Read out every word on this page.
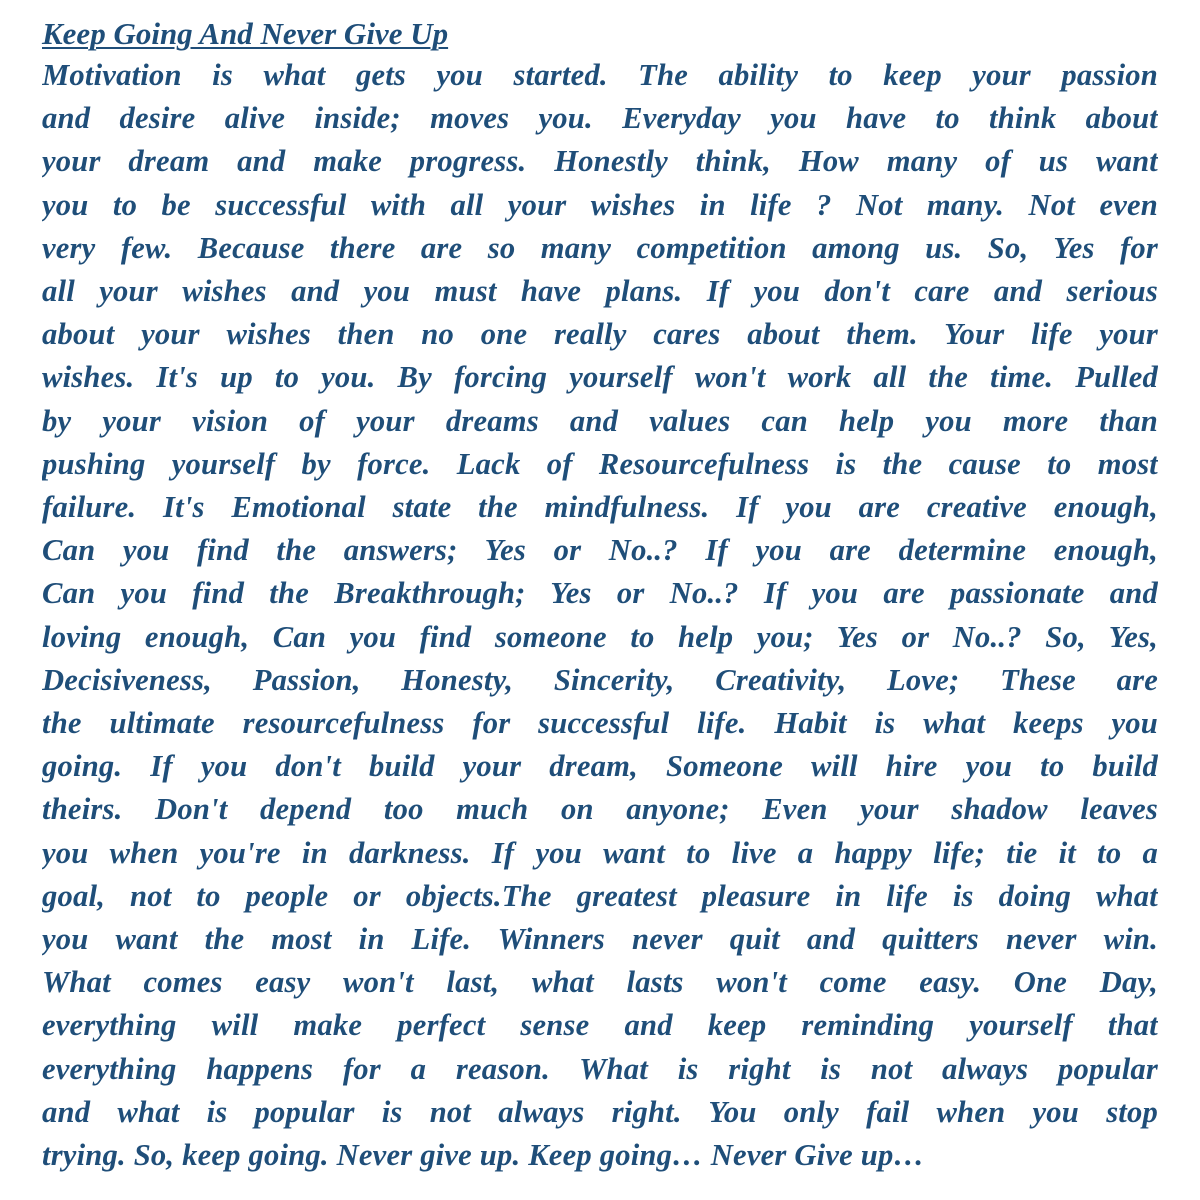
Keep Going And Never Give Up
Motivation is what gets you started. The ability to keep your passion
and desire alive inside; moves you. Everyday you have to think about
your dream and make progress. Honestly think, How many of us want
you to be successful with all your wishes in life ? Not many. Not even
very few. Because there are so many competition among us. So, Yes for
all your wishes and you must have plans. If you don't care and serious
about your wishes then no one really cares about them. Your life your
wishes. It's up to you. By forcing yourself won't work all the time. Pulled
by your vision of your dreams and values can help you more than
pushing yourself by force. Lack of Resourcefulness is the cause to most
failure. It's Emotional state the mindfulness. If you are creative enough,
Can you find the answers; Yes or No..? If you are determine enough,
Can you find the Breakthrough; Yes or No..? If you are passionate and
loving enough, Can you find someone to help you; Yes or No..? So, Yes,
Decisiveness, Passion, Honesty, Sincerity, Creativity, Love; These are
the ultimate resourcefulness for successful life. Habit is what keeps you
going. If you don't build your dream, Someone will hire you to build
theirs. Don't depend too much on anyone; Even your shadow leaves
you when you're in darkness. If you want to live a happy life; tie it to a
goal, not to people or objects.The greatest pleasure in life is doing what
you want the most in Life. Winners never quit and quitters never win.
What comes easy won't last, what lasts won't come easy. One Day,
everything will make perfect sense and keep reminding yourself that
everything happens for a reason. What is right is not always popular
and what is popular is not always right. You only fail when you stop
trying. So, keep going. Never give up. Keep going… Never Give up…
